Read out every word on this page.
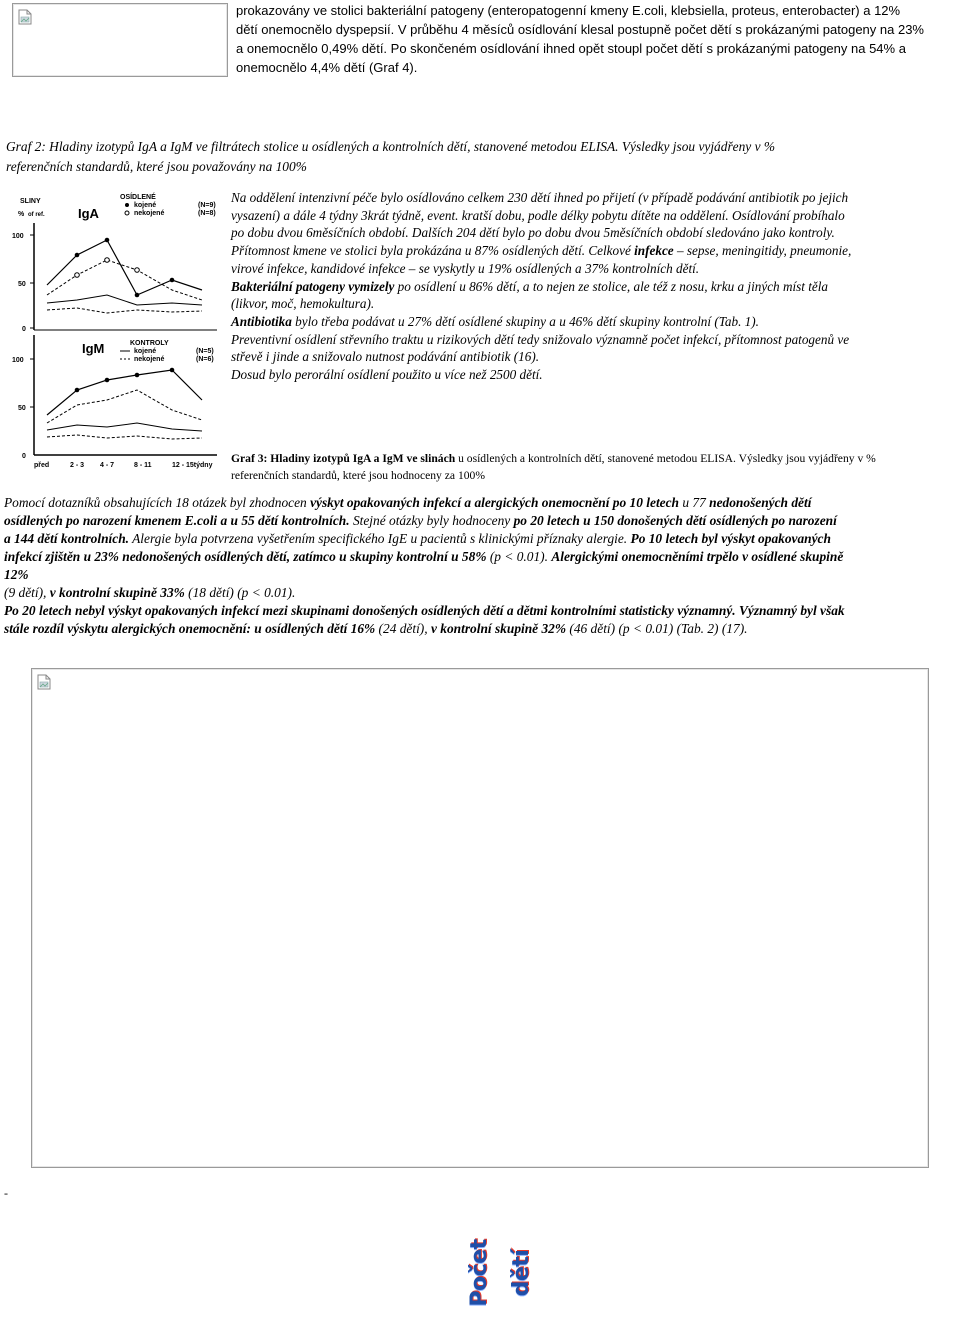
prokazovány ve stolici bakteriální patogeny (enteropatogenní kmeny E.coli, klebsiella, proteus, enterobacter) a 12%
dětí onemocnělo dyspepsií. V průběhu 4 měsíců osídlování klesal postupně počet dětí s prokázanými patogeny na 23%
a onemocnělo 0,49% dětí. Po skončeném osídlování ihned opět stoupl počet dětí s prokázanými patogeny na 54% a
onemocnělo 4,4% dětí (Graf 4).
Graf 2: Hladiny izotypů IgA a IgM ve filtrátech stolice u osídlených a kontrolních dětí, stanovené metodou ELISA. Výsledky jsou vyjádřeny v %
referenčních standardů, které jsou považovány na 100%
SLINY
% of ref.	IgA
OSÍDLENÉ
kojené
nekojené
(N=9)
(N=8)
100
50
0
IgM	KONTROLY
kojené
nekojené
(N=5)
(N=6)
100
50
0
před	2 - 3 4 - 7	8 - 11	12 - 15týdny
Na oddělení intenzivní péče bylo osídlováno celkem 230 dětí ihned po přijetí (v případě podávání antibiotik po jejich
vysazení) a dále 4 týdny 3krát týdně, event. kratší dobu, podle délky pobytu dítěte na oddělení. Osídlování probíhalo
po dobu dvou 6měsíčních období. Dalších 204 dětí bylo po dobu dvou 5měsíčních období sledováno jako kontroly.
Přítomnost kmene ve stolici byla prokázána u 87% osídlených dětí. Celkové infekce – sepse, meningitidy, pneumonie,
virové infekce, kandidové infekce – se vyskytly u 19% osídlených a 37% kontrolních dětí.
Bakteriální patogeny vymizely po osídlení u 86% dětí, a to nejen ze stolice, ale též z nosu, krku a jiných míst těla
(likvor, moč, hemokultura).
Antibiotika bylo třeba podávat u 27% dětí osídlené skupiny a u 46% dětí skupiny kontrolní (Tab. 1).
Preventivní osídlení střevního traktu u rizikových dětí tedy snižovalo významně počet infekcí, přítomnost patogenů ve
střevě i jinde a snižovalo nutnost podávání antibiotik (16).
Dosud bylo perorální osídlení použito u více než 2500 dětí.
Graf 3: Hladiny izotypů IgA a IgM ve slinách u osídlených a kontrolních dětí, stanovené metodou ELISA. Výsledky jsou vyjádřeny v %
referenčních standardů, které jsou hodnoceny za 100%
Pomocí dotazníků obsahujících 18 otázek byl zhodnocen výskyt opakovaných infekcí a alergických onemocnění po 10 letech u 77 nedonošených dětí
osídlených po narození kmenem E.coli a u 55 dětí kontrolních. Stejné otázky byly hodnoceny po 20 letech u 150 donošených dětí osídlených po narození
a 144 dětí kontrolních. Alergie byla potvrzena vyšetřením specifického IgE u pacientů s klinickými příznaky alergie. Po 10 letech byl výskyt opakovaných
infekcí zjištěn u 23% nedonošených osídlených dětí, zatímco u skupiny kontrolní u 58% (p < 0.01). Alergickými onemocněními trpělo v osídlené skupině
12%
(9 dětí), v kontrolní skupině 33% (18 dětí) (p < 0.01).
Po 20 letech nebyl výskyt opakovaných infekcí mezi skupinami donošených osídlených dětí a dětmi kontrolními statisticky významný. Významný byl však
stále rozdíl výskytu alergických onemocnění: u osídlených dětí 16% (24 dětí), v kontrolní skupině 32% (46 dětí) (p < 0.01) (Tab. 2) (17).
-
Počet dětí
